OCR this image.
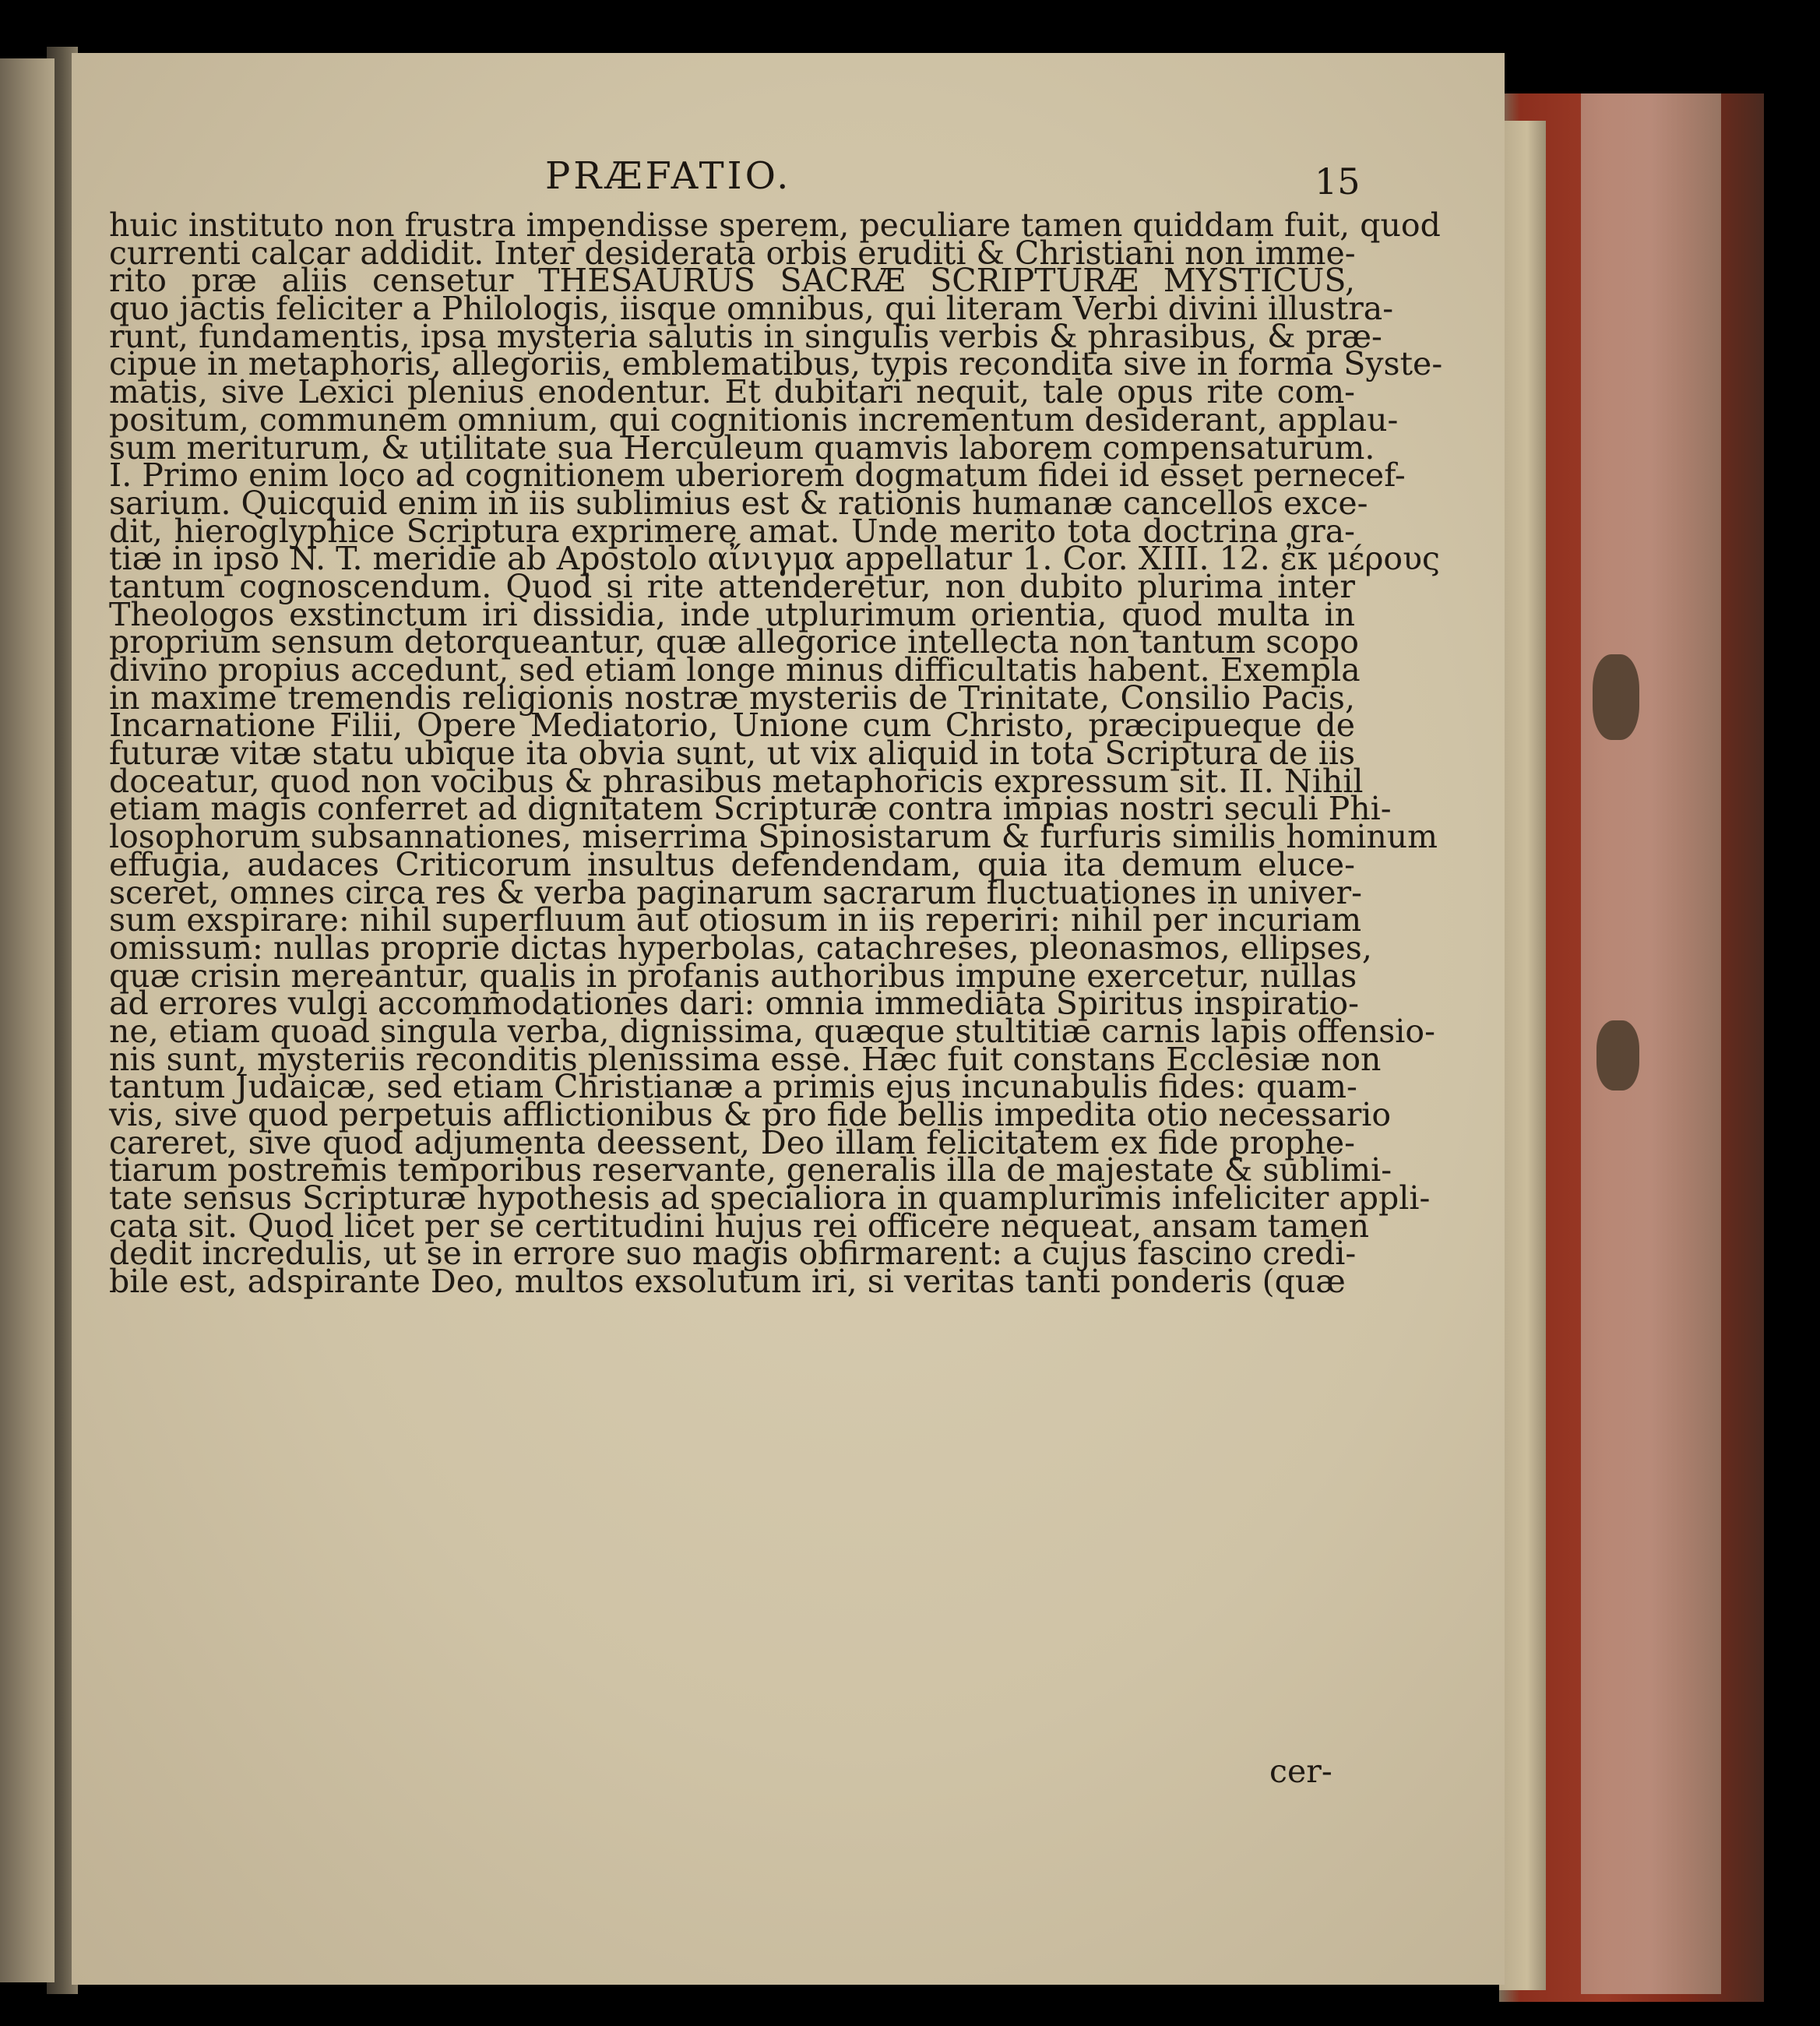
PRÆFATIO.	15
huic instituto non frustra impendisse sperem, peculiare tamen quiddam fuit, quod
currenti calcar addidit. Inter desiderata orbis eruditi & Christiani non imme-
rito præ aliis censetur THESAURUS SACRÆ SCRIPTURÆ MYSTICUS,
quo jactis feliciter a Philologis, iisque omnibus, qui literam Verbi divini illustra-
runt, fundamentis, ipsa mysteria salutis in singulis verbis & phrasibus, & præ-
cipue in metaphoris, allegoriis, emblematibus, typis recondita sive in forma Syste-
matis, sive Lexici plenius enodentur. Et dubitari nequit, tale opus rite com-
positum, communem omnium, qui cognitionis incrementum desiderant, applau-
sum meriturum, & utilitate sua Herculeum quamvis laborem compensaturum.
I. Primo enim loco ad cognitionem uberiorem dogmatum fidei id esset pernecef-
sarium. Quicquid enim in iis sublimius est & rationis humanæ cancellos exce-
dit, hieroglyphice Scriptura exprimere amat. Unde merito tota doctrina gra-
tiæ in ipso N. T. meridie ab Apostolo αἴνιγμα appellatur 1. Cor. XIII. 12. ἐκ μέρους
tantum cognoscendum. Quod si rite attenderetur, non dubito plurima inter
Theologos exstinctum iri dissidia, inde utplurimum orientia, quod multa in
proprium sensum detorqueantur, quæ allegorice intellecta non tantum scopo
divino propius accedunt, sed etiam longe minus difficultatis habent. Exempla
in maxime tremendis religionis nostræ mysteriis de Trinitate, Consilio Pacis,
Incarnatione Filii, Opere Mediatorio, Unione cum Christo, præcipueque de
futuræ vitæ statu ubique ita obvia sunt, ut vix aliquid in tota Scriptura de iis
doceatur, quod non vocibus & phrasibus metaphoricis expressum sit. II. Nihil
etiam magis conferret ad dignitatem Scripturæ contra impias nostri seculi Phi-
losophorum subsannationes, miserrima Spinosistarum & furfuris similis hominum
effugia, audaces Criticorum insultus defendendam, quia ita demum eluce-
sceret, omnes circa res & verba paginarum sacrarum fluctuationes in univer-
sum exspirare: nihil superfluum aut otiosum in iis reperiri: nihil per incuriam
omissum: nullas proprie dictas hyperbolas, catachreses, pleonasmos, ellipses,
quæ crisin mereantur, qualis in profanis authoribus impune exercetur, nullas
ad errores vulgi accommodationes dari: omnia immediata Spiritus inspiratio-
ne, etiam quoad singula verba, dignissima, quæque stultitiæ carnis lapis offensio-
nis sunt, mysteriis reconditis plenissima esse. Hæc fuit constans Ecclesiæ non
tantum Judaicæ, sed etiam Christianæ a primis ejus incunabulis fides: quam-
vis, sive quod perpetuis afflictionibus & pro fide bellis impedita otio necessario
careret, sive quod adjumenta deessent, Deo illam felicitatem ex fide prophe-
tiarum postremis temporibus reservante, generalis illa de majestate & sublimi-
tate sensus Scripturæ hypothesis ad specialiora in quamplurimis infeliciter appli-
cata sit. Quod licet per se certitudini hujus rei officere nequeat, ansam tamen
dedit incredulis, ut se in errore suo magis obfirmarent: a cujus fascino credi-
bile est, adspirante Deo, multos exsolutum iri, si veritas tanti ponderis (quæ
cer-
